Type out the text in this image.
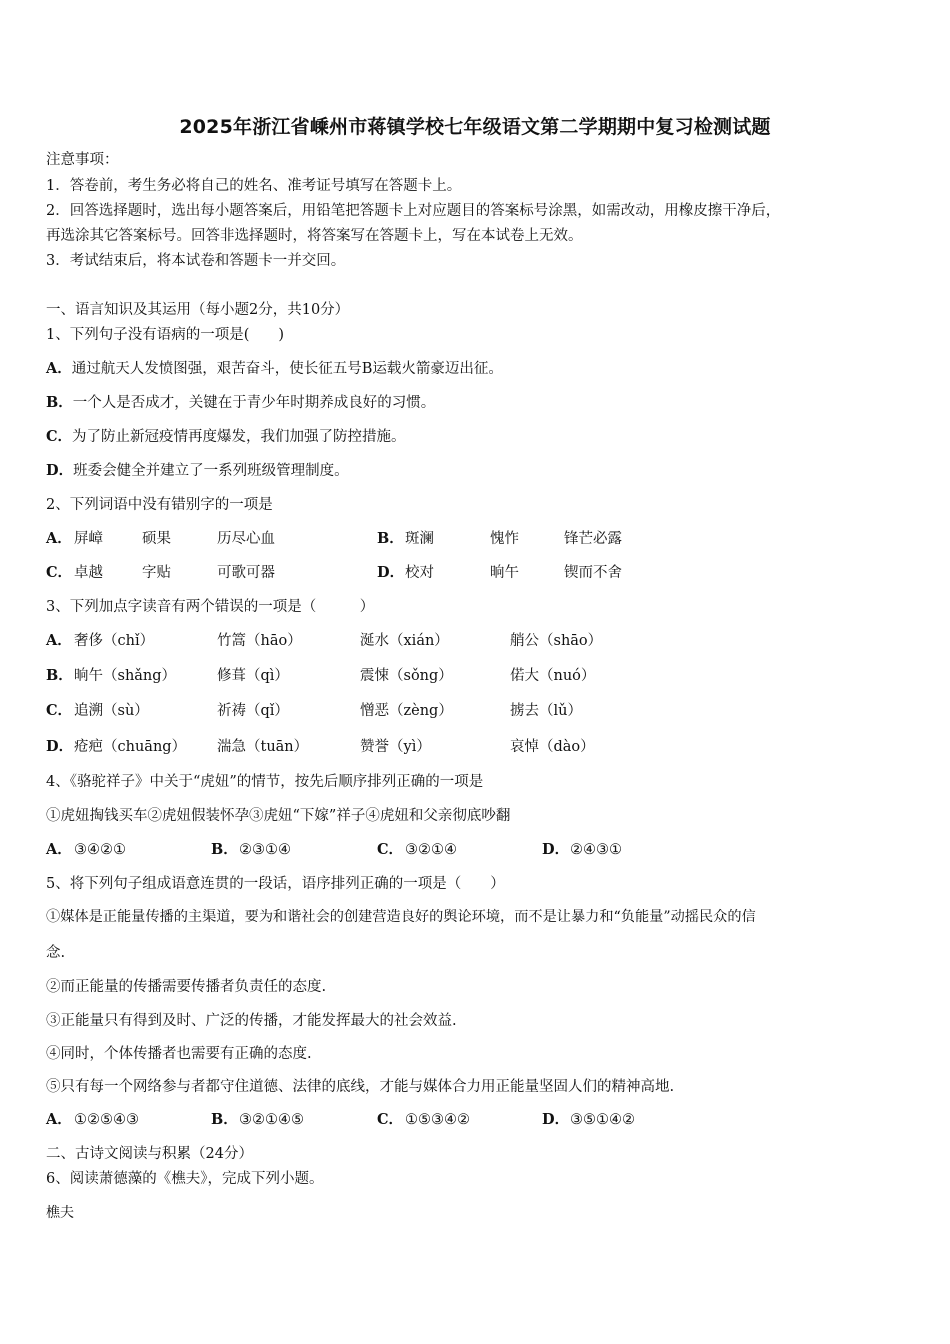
2025年浙江省嵊州市蒋镇学校七年级语文第二学期期中复习检测试题
注意事项：
1．答卷前，考生务必将自己的姓名、准考证号填写在答题卡上。
2．回答选择题时，选出每小题答案后，用铅笔把答题卡上对应题目的答案标号涂黑，如需改动，用橡皮擦干净后，
再选涂其它答案标号。回答非选择题时，将答案写在答题卡上，写在本试卷上无效。
3．考试结束后，将本试卷和答题卡一并交回。
一、语言知识及其运用（每小题2分，共10分）
1、下列句子没有语病的一项是(　　)
A．通过航天人发愤图强，艰苦奋斗，使长征五号B运载火箭豪迈出征。
B．一个人是否成才，关键在于青少年时期养成良好的习惯。
C．为了防止新冠疫情再度爆发，我们加强了防控措施。
D．班委会健全并建立了一系列班级管理制度。
2、下列词语中没有错别字的一项是
A． 屏嶂	硕果	历尽心血	B． 斑澜	愧怍	锋芒必露
C． 卓越	字贴	可歌可器	D． 校对	晌午	锲而不舍
3、下列加点字读音有两个错误的一项是（　　　）
A． 奢侈（chǐ）	竹篙（hāo）	涎水（xián）	艄公（shāo）
B． 晌午（shǎng）	修葺（qì）	震悚（sǒng）	偌大（nuó）
C． 追溯（sù）	祈祷（qǐ）	憎恶（zèng）	掳去（lǔ）
D． 疮疤（chuāng） 湍急（tuān）	赞誉（yì）	哀悼（dào）
4、《骆驼祥子》中关于“虎妞”的情节，按先后顺序排列正确的一项是
①虎妞掏钱买车②虎妞假装怀孕③虎妞“下嫁”祥子④虎妞和父亲彻底吵翻
A． ③④②①	B． ②③①④	C． ③②①④	D． ②④③①
5、将下列句子组成语意连贯的一段话，语序排列正确的一项是（　　）
①媒体是正能量传播的主渠道，要为和谐社会的创建营造良好的舆论环境，而不是让暴力和“负能量”动摇民众的信
念.
②而正能量的传播需要传播者负责任的态度.
③正能量只有得到及时、广泛的传播，才能发挥最大的社会效益.
④同时，个体传播者也需要有正确的态度.
⑤只有每一个网络参与者都守住道德、法律的底线，才能与媒体合力用正能量坚固人们的精神高地.
A． ①②⑤④③	B． ③②①④⑤	C． ①⑤③④②	D． ③⑤①④②
二、古诗文阅读与积累（24分）
6、阅读萧德藻的《樵夫》，完成下列小题。
樵夫
